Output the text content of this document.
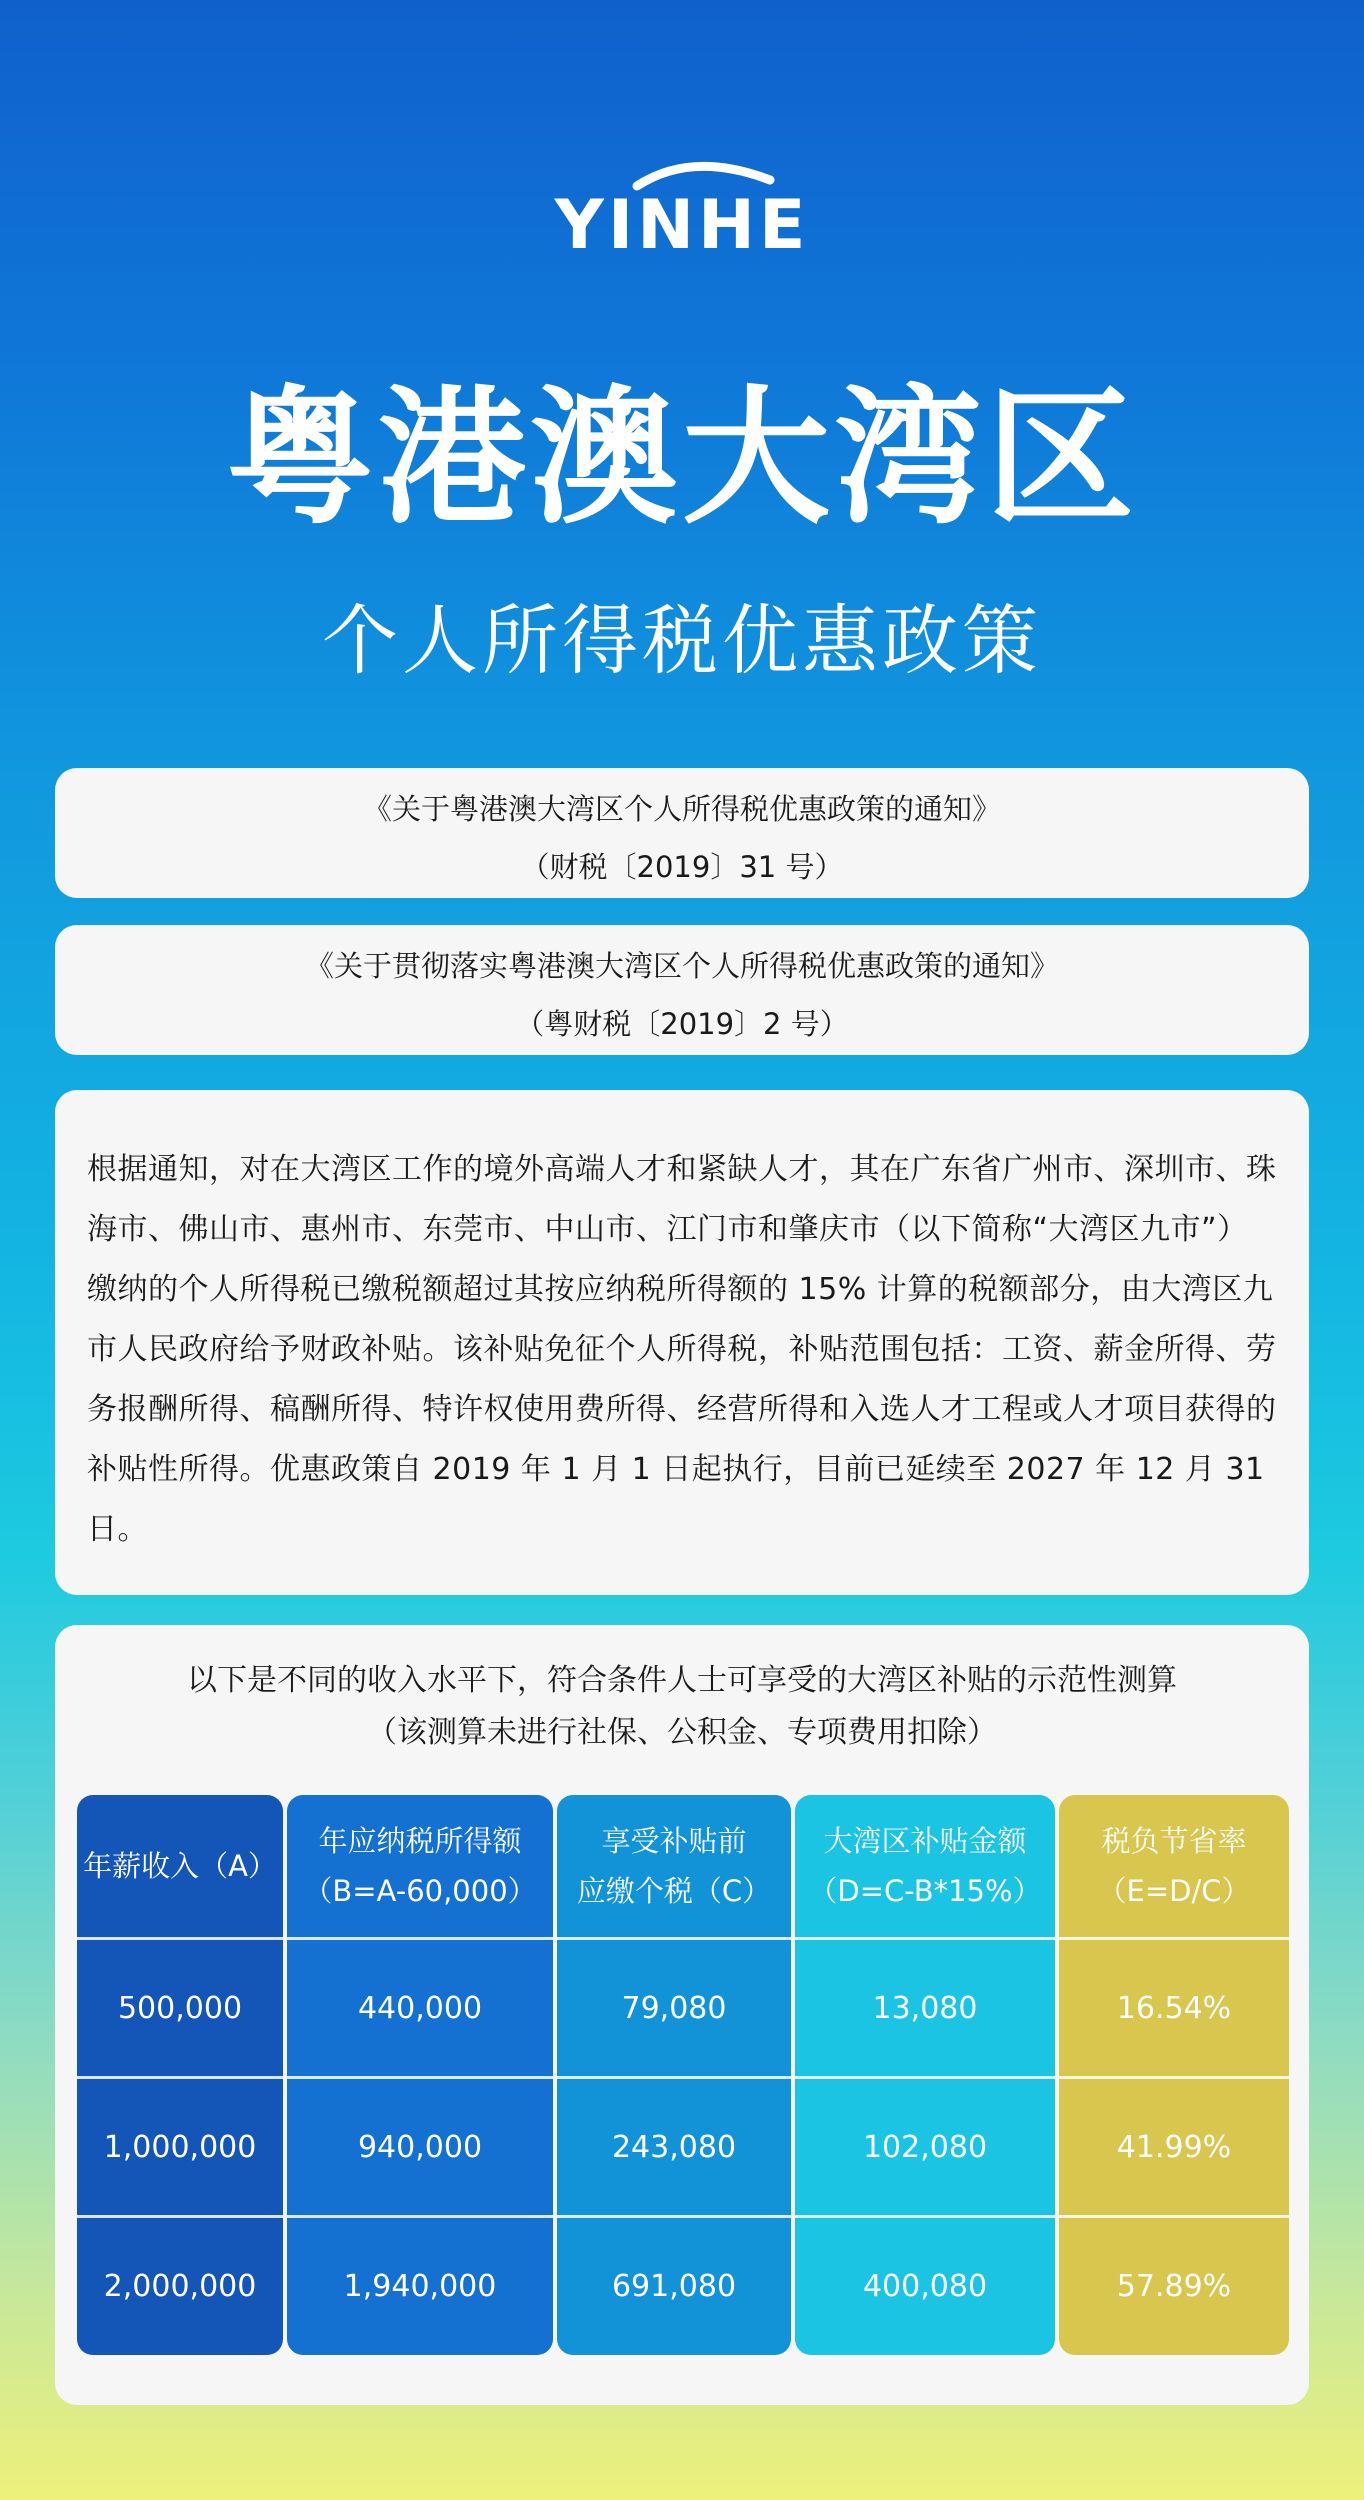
YINHE
粤港澳大湾区
个人所得税优惠政策
《关于粤港澳大湾区个人所得税优惠政策的通知》
（财税〔2019〕31 号）
《关于贯彻落实粤港澳大湾区个人所得税优惠政策的通知》
（粤财税〔2019〕2 号）

根据通知，对在大湾区工作的境外高端人才和紧缺人才，其在广东省广州市、深圳市、珠海市、佛山市、惠州市、东莞市、中山市、江门市和肇庆市（以下简称“大湾区九市”）缴纳的个人所得税已缴税额超过其按应纳税所得额的 15% 计算的税额部分，由大湾区九市人民政府给予财政补贴。该补贴免征个人所得税，补贴范围包括：工资、薪金所得、劳务报酬所得、稿酬所得、特许权使用费所得、经营所得和入选人才工程或人才项目获得的补贴性所得。优惠政策自 2019 年 1 月 1 日起执行，目前已延续至 2027 年 12 月 31 日。

以下是不同的收入水平下，符合条件人士可享受的大湾区补贴的示范性测算
（该测算未进行社保、公积金、专项费用扣除）
年薪收入（A）
500,000
1,000,000
2,000,000
年应纳税所得额
（B=A-60,000）
440,000
940,000
1,940,000
享受补贴前
应缴个税（C）
79,080
243,080
691,080
大湾区补贴金额
（D=C-B*15%）
13,080
102,080
400,080
税负节省率
（E=D/C）
16.54%
41.99%
57.89%
